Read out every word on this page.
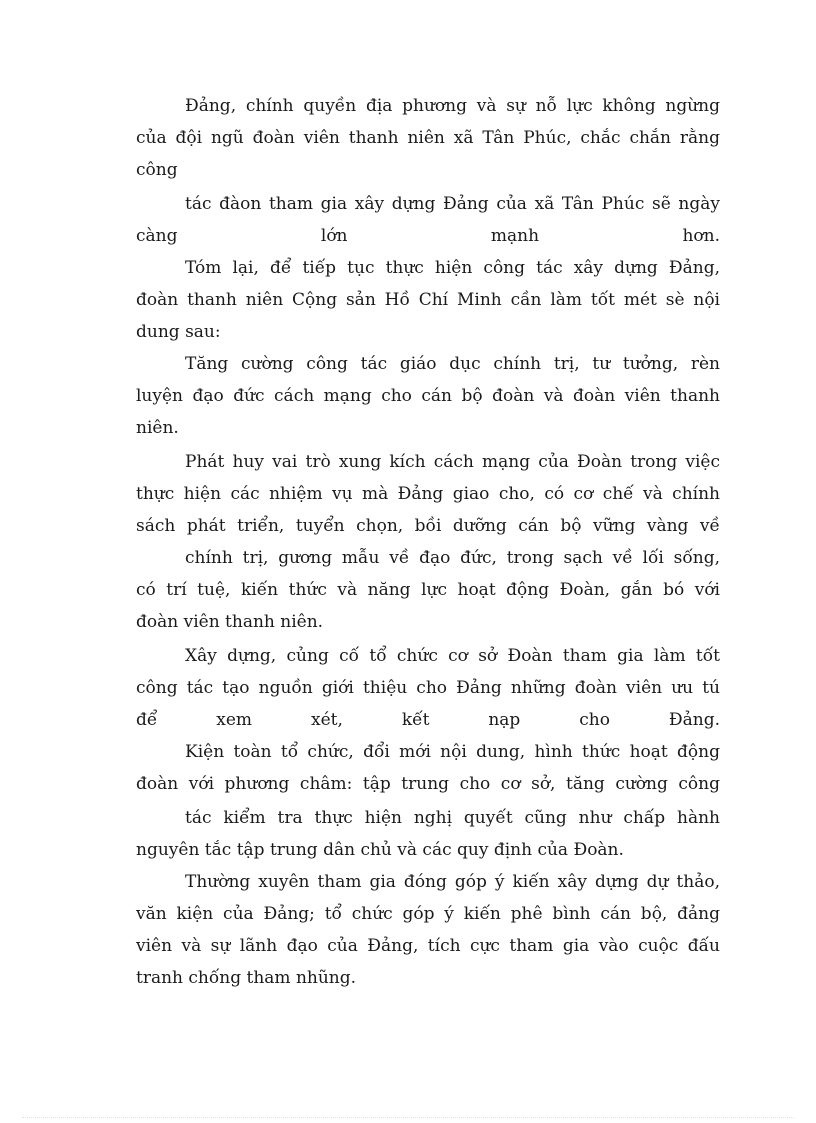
Đảng, chính quyền địa phương và sự nỗ lực không ngừng
của đội ngũ đoàn viên thanh niên xã Tân Phúc, chắc chắn rằng
công
tác đàon tham gia xây dựng Đảng của xã Tân Phúc sẽ ngày
càng lớn mạnh hơn.
Tóm lại, để tiếp tục thực hiện công tác xây dựng Đảng,
đoàn thanh niên Cộng sản Hồ Chí Minh cần làm tốt mét sè nội
dung sau:
Tăng cường công tác giáo dục chính trị, tư tưởng, rèn
luyện đạo đức cách mạng cho cán bộ đoàn và đoàn viên thanh
niên.
Phát huy vai trò xung kích cách mạng của Đoàn trong việc
thực hiện các nhiệm vụ mà Đảng giao cho, có cơ chế và chính
sách phát triển, tuyển chọn, bồi dưỡng cán bộ vững vàng về
chính trị, gương mẫu về đạo đức, trong sạch về lối sống,
có trí tuệ, kiến thức và năng lực hoạt động Đoàn, gắn bó với
đoàn viên thanh niên.
Xây dựng, củng cố tổ chức cơ sở Đoàn tham gia làm tốt
công tác tạo nguồn giới thiệu cho Đảng những đoàn viên ưu tú
để xem xét, kết nạp cho Đảng.
Kiện toàn tổ chức, đổi mới nội dung, hình thức hoạt động
đoàn với phương châm: tập trung cho cơ sở, tăng cường công
tác kiểm tra thực hiện nghị quyết cũng như chấp hành
nguyên tắc tập trung dân chủ và các quy định của Đoàn.
Thường xuyên tham gia đóng góp ý kiến xây dựng dự thảo,
văn kiện của Đảng; tổ chức góp ý kiến phê bình cán bộ, đảng
viên và sự lãnh đạo của Đảng, tích cực tham gia vào cuộc đấu
tranh chống tham nhũng.
